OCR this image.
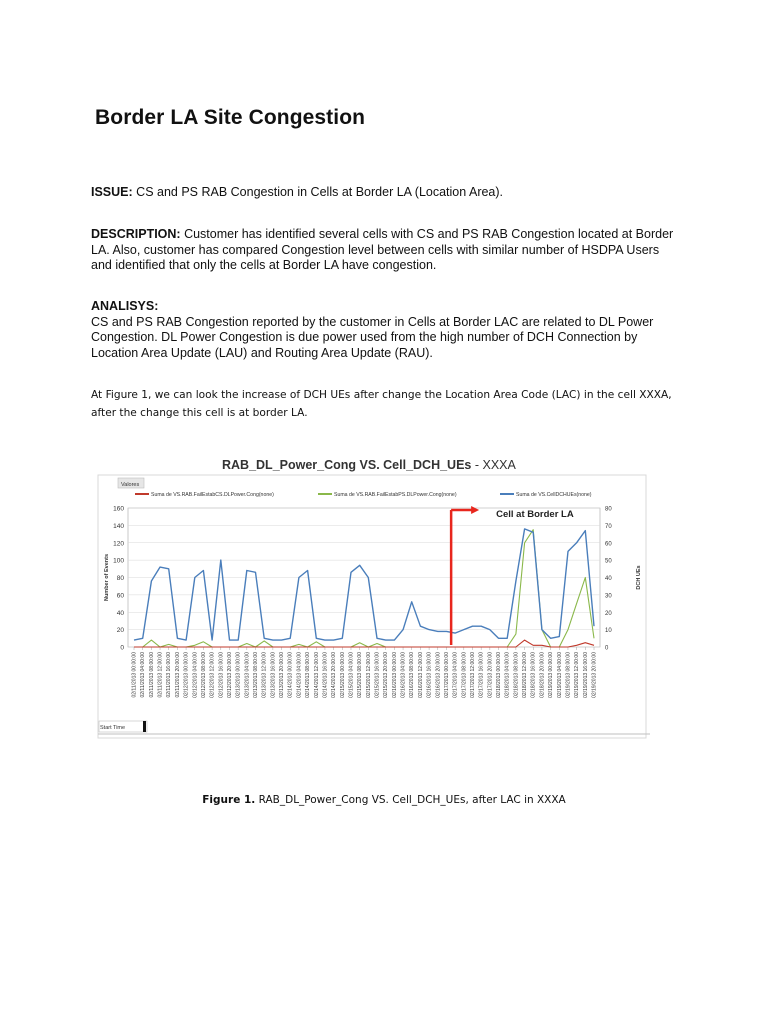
Border LA Site Congestion

ISSUE: CS and PS RAB Congestion in Cells at Border LA (Location Area).

DESCRIPTION: Customer has identified several cells with CS and PS RAB Congestion located at Border LA. Also, customer has compared Congestion level between cells with similar number of HSDPA Users and identified that only the cells at Border LA have congestion.

ANALISYS:
CS and PS RAB Congestion reported by the customer in Cells at Border LAC are related to DL Power Congestion. DL Power Congestion is due power used from the high number of DCH Connection by Location Area Update (LAU) and Routing Area Update (RAU).

At Figure 1, we can look the increase of DCH UEs after change the Location Area Code (LAC) in the cell XXXA, after the change this cell is at border LA.

RAB_DL_Power_Cong VS. Cell_DCH_UEs - XXXA
Valores
Suma de VS.RAB.FailEstabCS.DLPower.Cong(none)	Suma de VS.RAB.FailEstabPS.DLPower.Cong(none)	Suma de VS.CellDCHUEs(none)
0
20
40
60
80
100
120
140
160
0
10
20
30
40
50
60
70
80
Number of Events	DCH UEs
02/11/2013 00:00:00 02/11/2013 04:00:00 02/11/2013 08:00:00 02/11/2013 12:00:00 02/11/2013 16:00:00 02/11/2013 20:00:00 02/12/2013 00:00:00 02/12/2013 04:00:00 02/12/2013 08:00:00 02/12/2013 12:00:00 02/12/2013 16:00:00 02/12/2013 20:00:00 02/13/2013 00:00:00 02/13/2013 04:00:00 02/13/2013 08:00:00 02/13/2013 12:00:00 02/13/2013 16:00:00 02/13/2013 20:00:00 02/14/2013 00:00:00 02/14/2013 04:00:00 02/14/2013 08:00:00 02/14/2013 12:00:00 02/14/2013 16:00:00 02/14/2013 20:00:00 02/15/2013 00:00:00 02/15/2013 04:00:00 02/15/2013 08:00:00 02/15/2013 12:00:00 02/15/2013 16:00:00 02/15/2013 20:00:00 02/16/2013 00:00:00 02/16/2013 04:00:00 02/16/2013 08:00:00 02/16/2013 12:00:00 02/16/2013 16:00:00 02/16/2013 20:00:00 02/17/2013 00:00:00 02/17/2013 04:00:00 02/17/2013 08:00:00 02/17/2013 12:00:00 02/17/2013 16:00:00 02/17/2013 20:00:00 02/18/2013 00:00:00 02/18/2013 04:00:00 02/18/2013 08:00:00 02/18/2013 12:00:00 02/18/2013 16:00:00 02/18/2013 20:00:00 02/19/2013 00:00:00 02/19/2013 04:00:00 02/19/2013 08:00:00 02/19/2013 12:00:00 02/19/2013 16:00:00 02/19/2013 20:00:00
Cell at Border LA
Start Time

Figure 1. RAB_DL_Power_Cong VS. Cell_DCH_UEs, after LAC in XXXA
